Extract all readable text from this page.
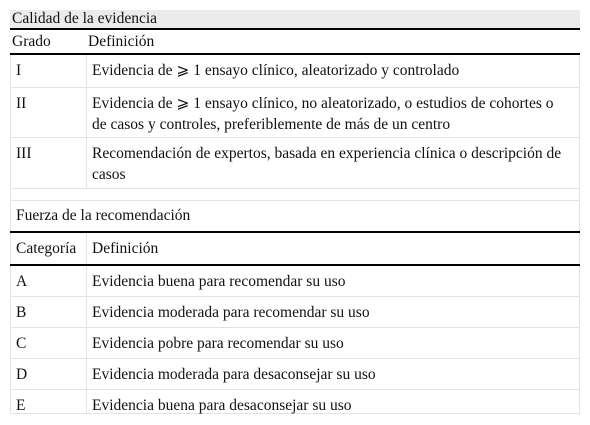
Calidad de la evidencia
Grado	Definición
I	Evidencia de ⩾ 1 ensayo clínico, aleatorizado y controlado
II	Evidencia de ⩾ 1 ensayo clínico, no aleatorizado, o estudios de cohortes o de casos y controles, preferiblemente de más de un centro
III	Recomendación de expertos, basada en experiencia clínica o descripción de casos
Fuerza de la recomendación
Categoría	Definición
A	Evidencia buena para recomendar su uso
B	Evidencia moderada para recomendar su uso
C	Evidencia pobre para recomendar su uso
D	Evidencia moderada para desaconsejar su uso
E	Evidencia buena para desaconsejar su uso
